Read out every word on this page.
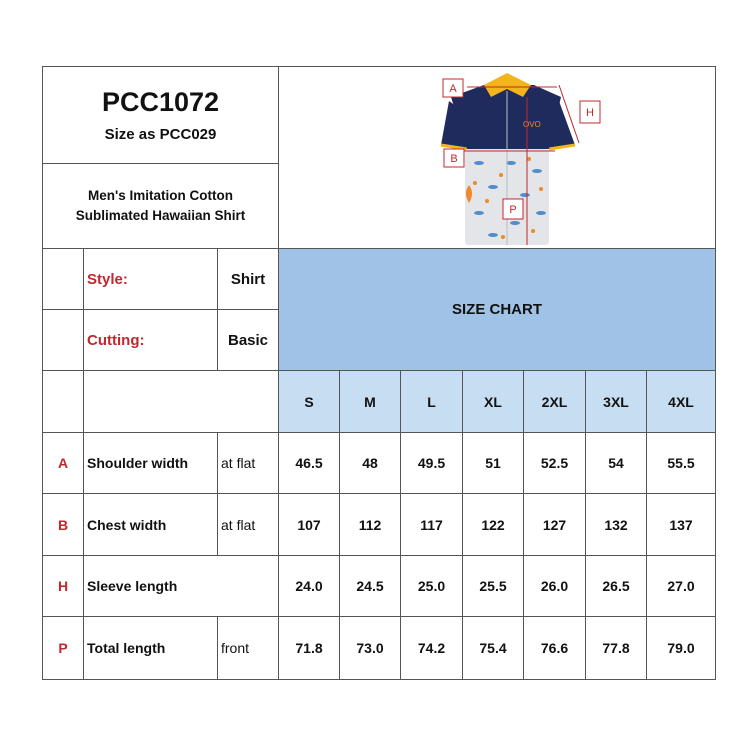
PCC1072
Size as PCC029
Men's Imitation Cotton
Sublimated Hawaiian Shirt
OVO
A
H
B
P
Style:	Shirt
Cutting:	Basic
SIZE CHART
S	M	L	XL	2XL	3XL	4XL
A	Shoulder width	at flat	46.5	48	49.5	51	52.5	54	55.5
B	Chest width	at flat	107	112	117	122	127	132	137
H	Sleeve length	24.0	24.5	25.0	25.5	26.0	26.5	27.0
P	Total length	front	71.8	73.0	74.2	75.4	76.6	77.8	79.0
